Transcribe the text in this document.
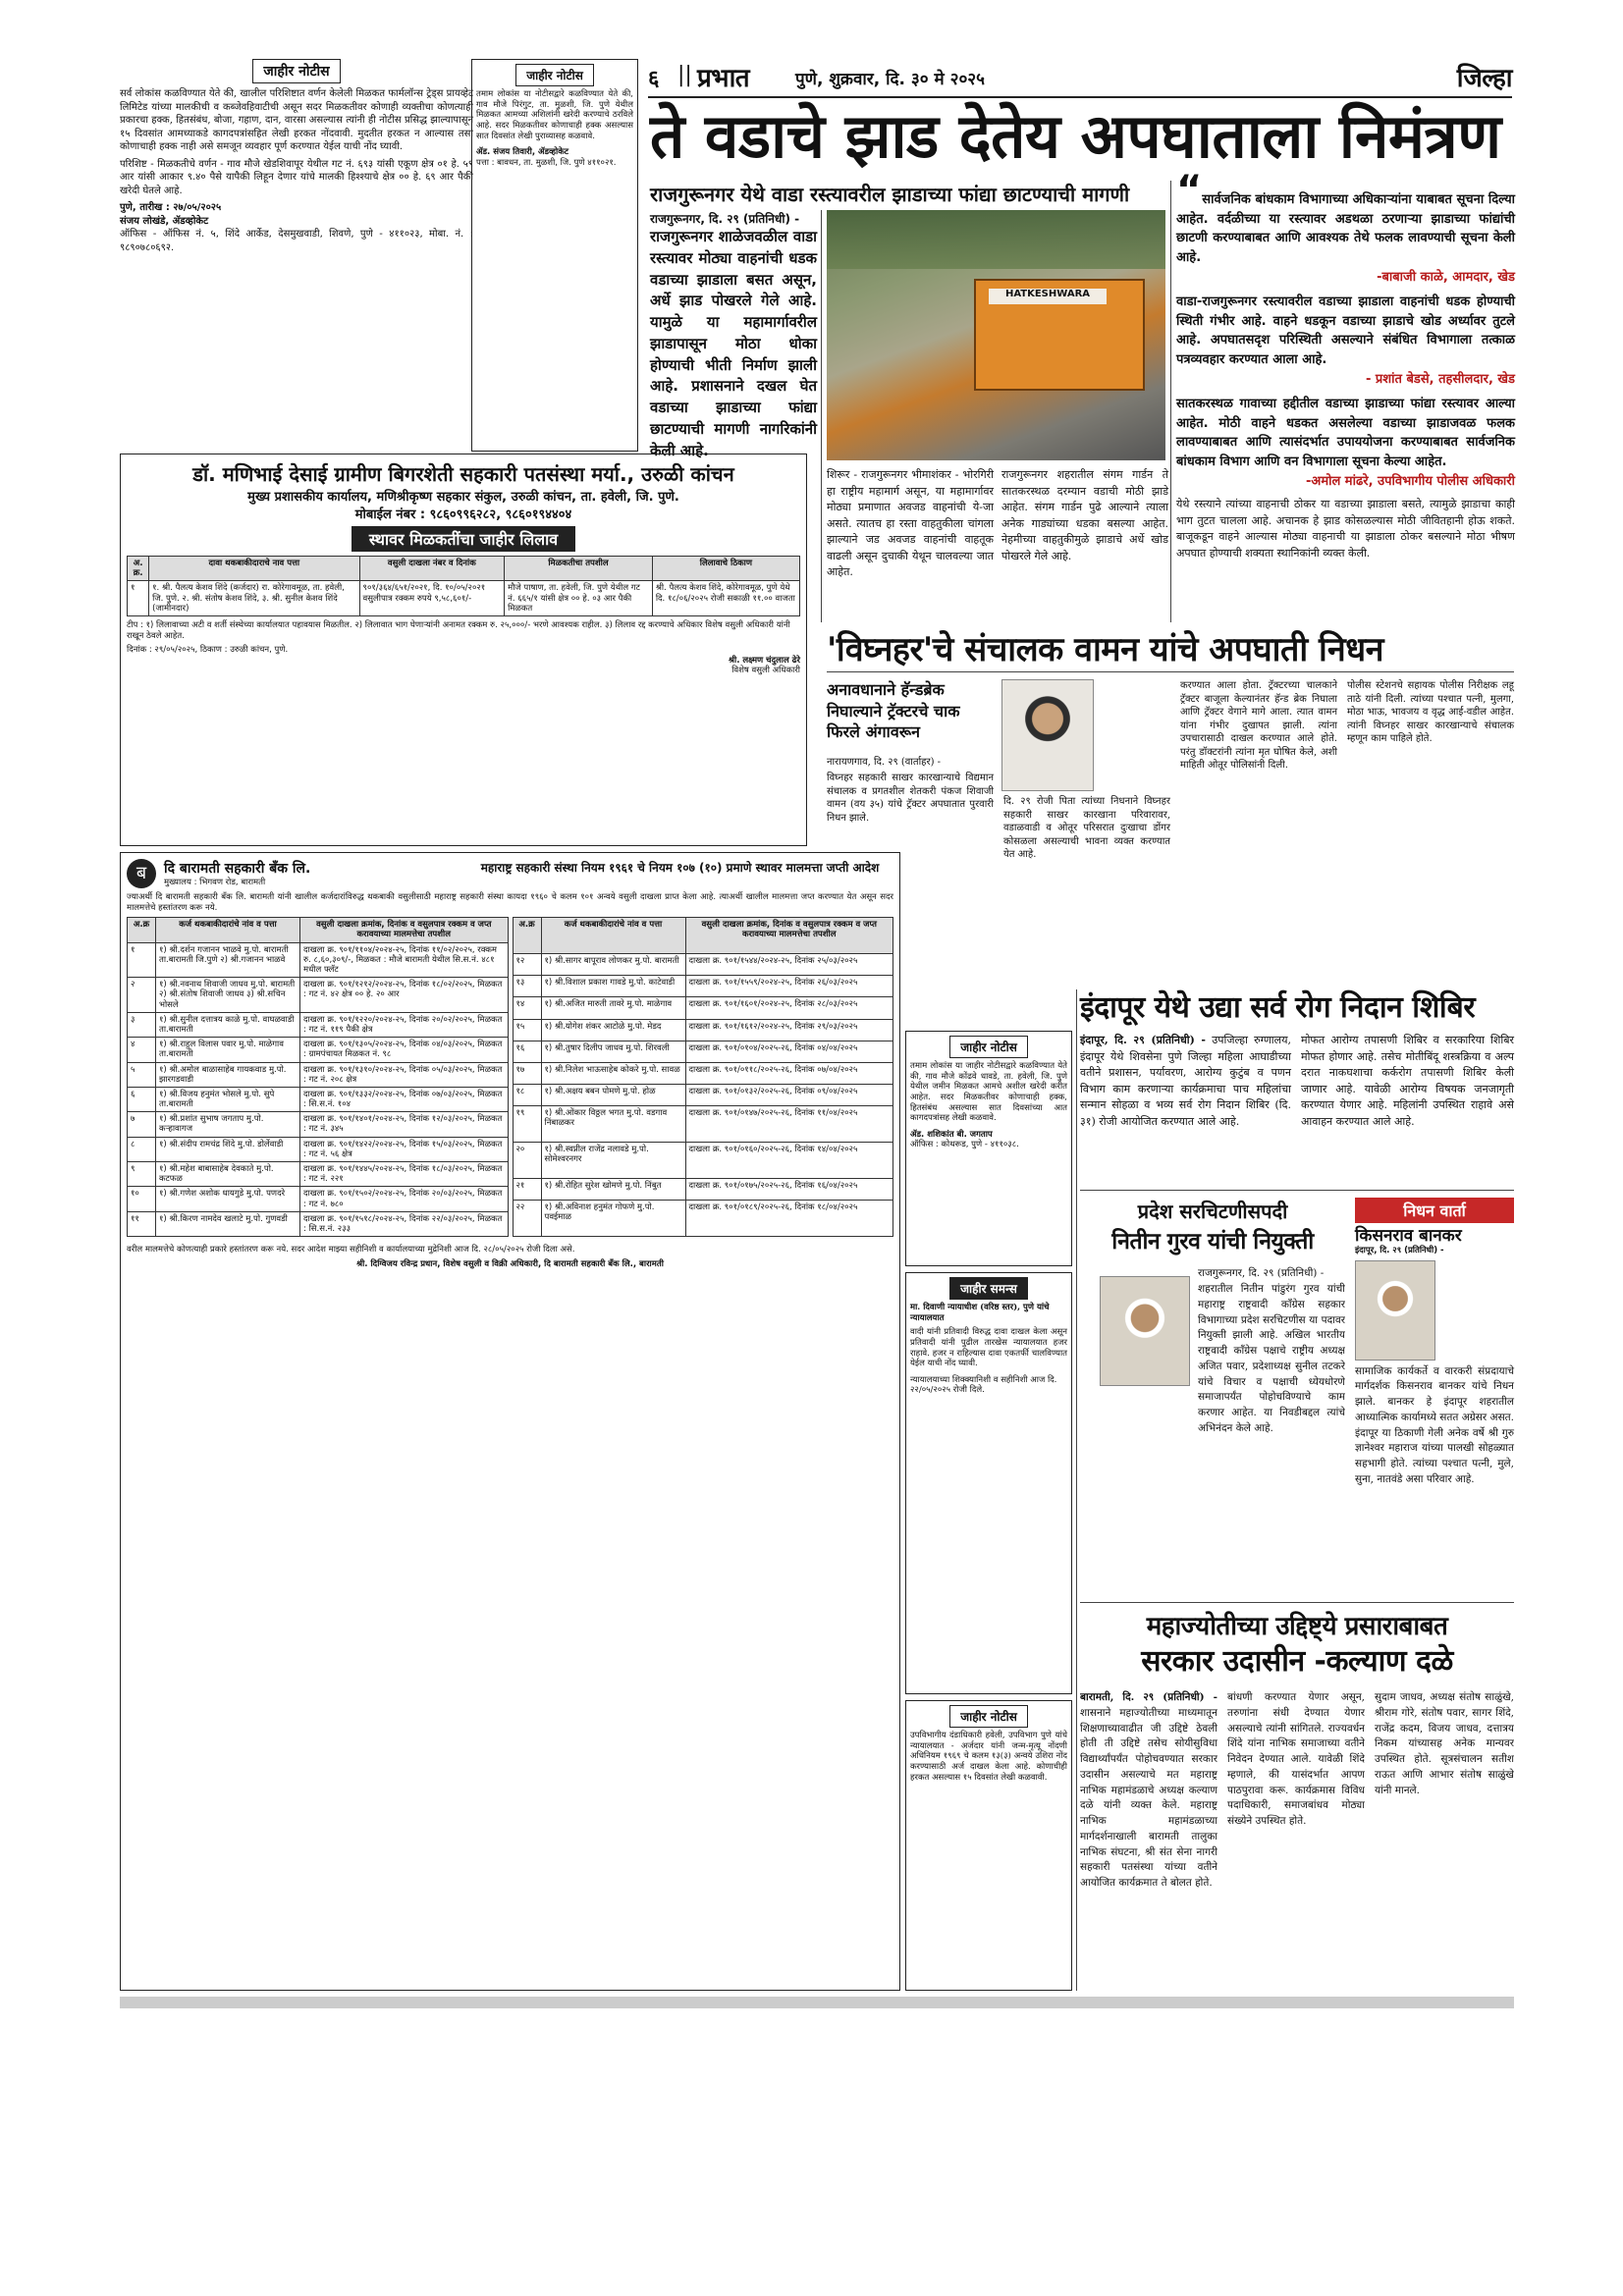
जाहीर नोटीस
सर्व लोकांस कळविण्यात येते की, खालील परिशिष्टात वर्णन केलेली मिळकत फार्मलॉन्स ट्रेड्स प्रायव्हेट लिमिटेड यांच्या मालकीची व कब्जेवहिवाटीची असून सदर मिळकतीवर कोणाही व्यक्तीचा कोणत्याही प्रकारचा हक्क, हितसंबंध, बोजा, गहाण, दान, वारसा असल्यास त्यांनी ही नोटीस प्रसिद्ध झाल्यापासून १५ दिवसांत आमच्याकडे कागदपत्रांसहित लेखी हरकत नोंदवावी. मुदतीत हरकत न आल्यास तसा कोणाचाही हक्क नाही असे समजून व्यवहार पूर्ण करण्यात येईल याची नोंद घ्यावी.
परिशिष्ट - मिळकतीचे वर्णन - गाव मौजे खेडशिवापूर येथील गट नं. ६९३ यांसी एकूण क्षेत्र ०१ हे. ५९ आर यांसी आकार ९.४० पैसे यापैकी लिहून देणार यांचे मालकी हिश्श्याचे क्षेत्र ०० हे. ६९ आर पैकी खरेदी घेतले आहे.
पुणे, तारीख : २७/०५/२०२५
संजय लोखंडे, ॲडव्होकेट
ऑफिस - ऑफिस नं. ५, शिंदे आर्केड, देसमुखवाडी, शिवणे, पुणे - ४११०२३, मोबा. नं. : ९८९०७८०६९२.
जाहीर नोटीस
तमाम लोकांस या नोटीसद्वारे कळविण्यात येते की, गाव मौजे पिरंगुट, ता. मुळशी, जि. पुणे येथील मिळकत आमच्या अशिलांनी खरेदी करण्याचे ठरविले आहे. सदर मिळकतीवर कोणाचाही हक्क असल्यास सात दिवसांत लेखी पुराव्यासह कळवावे.
ॲड. संजय तिवारी, ॲडव्होकेट
पत्ता : बावधन, ता. मुळशी, जि. पुणे ४११०२१.
६ || प्रभात	पुणे, शुक्रवार, दि. ३० मे २०२५	जिल्हा
ते वडाचे झाड देतेय अपघाताला निमंत्रण
राजगुरूनगर येथे वाडा रस्त्यावरील झाडाच्या फांद्या छाटण्याची मागणी
राजगुरूनगर, दि. २९ (प्रतिनिधी) -
राजगुरूनगर शाळेजवळील वाडा रस्त्यावर मोठ्या वाहनांची धडक वडाच्या झाडाला बसत असून, अर्धे झाड पोखरले गेले आहे. यामुळे या महामार्गावरील झाडापासून मोठा धोका होण्याची भीती निर्माण झाली आहे. प्रशासनाने दखल घेत वडाच्या झाडाच्या फांद्या छाटण्याची मागणी नागरिकांनी केली आहे.
HATKESHWARA
शिरूर - राजगुरूनगर भीमाशंकर - भोरगिरी हा राष्ट्रीय महामार्ग असून, या महामार्गावर मोठ्या प्रमाणात अवजड वाहनांची ये-जा असते. त्यातच हा रस्ता वाहतुकीला चांगला झाल्याने जड अवजड वाहनांची वाहतूक वाढली असून दुचाकी येथून चालवल्या जात आहेत.
राजगुरूनगर शहरातील संगम गार्डन ते सातकरस्थळ दरम्यान वडाची मोठी झाडे आहेत. संगम गार्डन पुढे आल्याने त्याला अनेक गाड्यांच्या धडका बसल्या आहेत. नेहमीच्या वाहतुकीमुळे झाडाचे अर्धे खोड पोखरले गेले आहे.
“सार्वजनिक बांधकाम विभागाच्या अधिकाऱ्यांना याबाबत सूचना दिल्या आहेत. वर्दळीच्या या रस्त्यावर अडथळा ठरणाऱ्या झाडाच्या फांद्यांची छाटणी करण्याबाबत आणि आवश्यक तेथे फलक लावण्याची सूचना केली आहे.
-बाबाजी काळे, आमदार, खेड
वाडा-राजगुरूनगर रस्त्यावरील वडाच्या झाडाला वाहनांची धडक होण्याची स्थिती गंभीर आहे. वाहने धडकून वडाच्या झाडाचे खोड अर्ध्यावर तुटले आहे. अपघातसदृश परिस्थिती असल्याने संबंधित विभागाला तत्काळ पत्रव्यवहार करण्यात आला आहे.
- प्रशांत बेडसे, तहसीलदार, खेड
सातकरस्थळ गावाच्या हद्दीतील वडाच्या झाडाच्या फांद्या रस्त्यावर आल्या आहेत. मोठी वाहने धडकत असलेल्या वडाच्या झाडाजवळ फलक लावण्याबाबत आणि त्यासंदर्भात उपाययोजना करण्याबाबत सार्वजनिक बांधकाम विभाग आणि वन विभागाला सूचना केल्या आहेत.
-अमोल मांढरे, उपविभागीय पोलीस अधिकारी
येथे रस्त्याने त्यांच्या वाहनाची ठोकर या वडाच्या झाडाला बसते, त्यामुळे झाडाचा काही भाग तुटत चालला आहे. अचानक हे झाड कोसळल्यास मोठी जीवितहानी होऊ शकते. बाजूकडून वाहने आल्यास मोठ्या वाहनाची या झाडाला ठोकर बसल्याने मोठा भीषण अपघात होण्याची शक्यता स्थानिकांनी व्यक्त केली.
डॉ. मणिभाई देसाई ग्रामीण बिगरशेती सहकारी पतसंस्था मर्या., उरुळी कांचन
मुख्य प्रशासकीय कार्यालय, मणिश्रीकृष्ण सहकार संकुल, उरुळी कांचन, ता. हवेली, जि. पुणे.
मोबाईल नंबर : ९८६०९९६२८२, ९८६०१९४४०४
स्थावर मिळकतींचा जाहीर लिलाव
अ. क्र.	दावा थकबाकीदाराचे नाव पत्ता	वसुली दाखला नंबर व दिनांक	मिळकतीचा तपशील	लिलावाचे ठिकाण
१	१. श्री. पैलत्य केशव शिंदे (कर्जदार) रा. कोरेगावमूळ, ता. हवेली, जि. पुणे. २. श्री. संतोष केशव शिंदे, ३. श्री. सुनील केशव शिंदे (जामीनदार)	९०१/३६४/६५१/२०२१, दि. १०/०५/२०२१ वसुलीपात्र रक्कम रुपये ९,५८,६०१/-	मौजे पाषाण, ता. हवेली, जि. पुणे येथील गट नं. ६६५/१ यांसी क्षेत्र ०० हे. ०३ आर पैकी मिळकत	श्री. पैलत्य केशव शिंदे, कोरेगावमूळ, पुणे येथे दि. १८/०६/२०२५ रोजी सकाळी ११.०० वाजता
टीप : १) लिलावाच्या अटी व शर्ती संस्थेच्या कार्यालयात पहावयास मिळतील. २) लिलावात भाग घेणाऱ्यांनी अनामत रक्कम रु. २५,०००/- भरणे आवश्यक राहील. ३) लिलाव रद्द करण्याचे अधिकार विशेष वसुली अधिकारी यांनी राखून ठेवले आहेत.
दिनांक : २९/०५/२०२५, ठिकाण : उरुळी कांचन, पुणे.
श्री. लक्ष्मण चंदुलाल ढेरे
विशेष वसुली अधिकारी
'विघ्नहर'चे संचालक वामन यांचे अपघाती निधन
अनावधानाने हॅन्डब्रेक निघाल्याने ट्रॅक्टरचे चाक फिरले अंगावरून
नारायणगाव, दि. २९ (वार्ताहर) -
विघ्नहर सहकारी साखर कारखान्याचे विद्यमान संचालक व प्रगतशील शेतकरी पंकज शिवाजी वामन (वय ३५) यांचे ट्रॅक्टर अपघातात पुरवारी निधन झाले.
दि. २९ रोजी पिता त्यांच्या निधनाने विघ्नहर सहकारी साखर कारखाना परिवारावर, वडाळवाडी व ओतूर परिसरात दुःखाचा डोंगर कोसळला असल्याची भावना व्यक्त करण्यात येत आहे.
करण्यात आला होता. ट्रॅक्टरच्या चालकाने ट्रॅक्टर बाजूला केल्यानंतर हॅन्ड ब्रेक निघाला आणि ट्रॅक्टर वेगाने मागे आला. त्यात वामन यांना गंभीर दुखापत झाली. त्यांना उपचारासाठी दाखल करण्यात आले होते. परंतु डॉक्टरांनी त्यांना मृत घोषित केले, अशी माहिती ओतूर पोलिसांनी दिली.
पोलीस स्टेशनचे सहायक पोलीस निरीक्षक लहू ताठे यांनी दिली. त्यांच्या पश्चात पत्नी, मुलगा, मोठा भाऊ, भावजय व वृद्ध आई-वडील आहेत. त्यांनी विघ्नहर साखर कारखान्याचे संचालक म्हणून काम पाहिले होते.
ब	दि बारामती सहकारी बँक लि.
मुख्यालय : भिगवण रोड, बारामती
महाराष्ट्र सहकारी संस्था नियम १९६१ चे नियम १०७ (१०) प्रमाणे स्थावर मालमत्ता जप्ती आदेश
ज्याअर्थी दि बारामती सहकारी बँक लि. बारामती यांनी खालील कर्जदारांविरुद्ध थकबाकी वसुलीसाठी महाराष्ट्र सहकारी संस्था कायदा १९६० चे कलम १०१ अन्वये वसुली दाखला प्राप्त केला आहे. त्याअर्थी खालील मालमत्ता जप्त करण्यात येत असून सदर मालमत्तेचे हस्तांतरण करू नये.
अ.क्र	कर्ज थकबाकीदारांचे नांव व पत्ता	वसुली दाखला क्रमांक, दिनांक व वसुलपात्र रक्कम व जप्त करावयाच्या मालमत्तेचा तपशील
१	१) श्री.दर्शन गजानन भाळवे मु.पो. बारामती ता.बारामती जि.पुणे २) श्री.गजानन भाळवे	दाखला क्र. ९०१/११०४/२०२४-२५, दिनांक ११/०२/२०२५, रक्कम रु. ८,६०,३०९/-, मिळकत : मौजे बारामती येथील सि.स.नं. ४८१ मधील फ्लॅट
२	१) श्री.नवनाथ शिवाजी जाधव मु.पो. बारामती २) श्री.संतोष शिवाजी जाधव ३) श्री.सचिन भोसले	दाखला क्र. ९०१/१२१२/२०२४-२५, दिनांक १८/०२/२०२५, मिळकत : गट नं. ४२ क्षेत्र ०० हे. २० आर
३	१) श्री.सुनील दत्तात्रय काळे मु.पो. वाघळवाडी ता.बारामती	दाखला क्र. ९०१/१२२०/२०२४-२५, दिनांक २०/०२/२०२५, मिळकत : गट नं. ११९ पैकी क्षेत्र
४	१) श्री.राहुल विलास पवार मु.पो. माळेगाव ता.बारामती	दाखला क्र. ९०१/१३०५/२०२४-२५, दिनांक ०४/०३/२०२५, मिळकत : ग्रामपंचायत मिळकत नं. ९८
५	१) श्री.अमोल बाळासाहेब गायकवाड मु.पो. झारगडवाडी	दाखला क्र. ९०१/१३१०/२०२४-२५, दिनांक ०५/०३/२०२५, मिळकत : गट नं. २०८ क्षेत्र
६	१) श्री.विजय हनुमंत भोसले मु.पो. सुपे ता.बारामती	दाखला क्र. ९०१/१३३२/२०२४-२५, दिनांक ०७/०३/२०२५, मिळकत : सि.स.नं. १०४
७	१) श्री.प्रशांत सुभाष जगताप मु.पो. कऱ्हावागज	दाखला क्र. ९०१/१४०१/२०२४-२५, दिनांक १२/०३/२०२५, मिळकत : गट नं. ३४५
८	१) श्री.संदीप रामचंद्र शिंदे मु.पो. डोर्लेवाडी	दाखला क्र. ९०१/१४२२/२०२४-२५, दिनांक १५/०३/२०२५, मिळकत : गट नं. ५६ क्षेत्र
९	१) श्री.महेश बाबासाहेब देवकाते मु.पो. कटफळ	दाखला क्र. ९०१/१४४५/२०२४-२५, दिनांक १८/०३/२०२५, मिळकत : गट नं. २२१
१०	१) श्री.गणेश अशोक धायगुडे मु.पो. पणदरे	दाखला क्र. ९०१/१५०२/२०२४-२५, दिनांक २०/०३/२०२५, मिळकत : गट नं. ७८०
११	१) श्री.किरण नामदेव खलाटे मु.पो. गुणवडी	दाखला क्र. ९०१/१५१८/२०२४-२५, दिनांक २२/०३/२०२५, मिळकत : सि.स.नं. २३३
अ.क्र	कर्ज थकबाकीदारांचे नांव व पत्ता	वसुली दाखला क्रमांक, दिनांक व वसुलपात्र रक्कम व जप्त करावयाच्या मालमत्तेचा तपशील
१२	१) श्री.सागर बापूराव लोणकर मु.पो. बारामती	दाखला क्र. ९०१/१५४४/२०२४-२५, दिनांक २५/०३/२०२५
१३	१) श्री.विशाल प्रकाश गावडे मु.पो. काटेवाडी	दाखला क्र. ९०१/१५५९/२०२४-२५, दिनांक २६/०३/२०२५
१४	१) श्री.अजित मारुती तावरे मु.पो. माळेगाव	दाखला क्र. ९०१/१६०१/२०२४-२५, दिनांक २८/०३/२०२५
१५	१) श्री.योगेश शंकर आटोळे मु.पो. मेडद	दाखला क्र. ९०१/१६१२/२०२४-२५, दिनांक २९/०३/२०२५
१६	१) श्री.तुषार दिलीप जाधव मु.पो. शिरवली	दाखला क्र. ९०१/०१०४/२०२५-२६, दिनांक ०४/०४/२०२५
१७	१) श्री.निलेश भाऊसाहेब कोकरे मु.पो. सावळ	दाखला क्र. ९०१/०११८/२०२५-२६, दिनांक ०७/०४/२०२५
१८	१) श्री.अक्षय बबन पोमणे मु.पो. होळ	दाखला क्र. ९०१/०१३२/२०२५-२६, दिनांक ०९/०४/२०२५
१९	१) श्री.ओंकार विठ्ठल भगत मु.पो. वडगाव निंबाळकर	दाखला क्र. ९०१/०१४७/२०२५-२६, दिनांक ११/०४/२०२५
२०	१) श्री.स्वप्नील राजेंद्र नलावडे मु.पो. सोमेश्वरनगर	दाखला क्र. ९०१/०१६०/२०२५-२६, दिनांक १४/०४/२०२५
२१	१) श्री.रोहित सुरेश खोमणे मु.पो. निंबुत	दाखला क्र. ९०१/०१७५/२०२५-२६, दिनांक १६/०४/२०२५
२२	१) श्री.अविनाश हनुमंत गोफणे मु.पो. पवईमाळ	दाखला क्र. ९०१/०१८९/२०२५-२६, दिनांक १८/०४/२०२५
वरील मालमत्तेचे कोणत्याही प्रकारे हस्तांतरण करू नये. सदर आदेश माझ्या सहीनिशी व कार्यालयाच्या मुद्रेनिशी आज दि. २८/०५/२०२५ रोजी दिला असे.
श्री. दिग्विजय रविन्द्र प्रधान, विशेष वसुली व विक्री अधिकारी, दि बारामती सहकारी बँक लि., बारामती
जाहीर नोटीस
तमाम लोकांस या जाहीर नोटीसद्वारे कळविण्यात येते की, गाव मौजे कोंढवे धावडे, ता. हवेली, जि. पुणे येथील जमीन मिळकत आमचे अशील खरेदी करीत आहेत. सदर मिळकतीवर कोणाचाही हक्क, हितसंबंध असल्यास सात दिवसांच्या आत कागदपत्रांसह लेखी कळवावे.
ॲड. शशिकांत बी. जगताप
ऑफिस : कोथरूड, पुणे - ४११०३८.
जाहीर समन्स
मा. दिवाणी न्यायाधीश (वरिष्ठ स्तर), पुणे यांचे न्यायालयात
वादी यांनी प्रतिवादी विरुद्ध दावा दाखल केला असून प्रतिवादी यांनी पुढील तारखेस न्यायालयात हजर राहावे. हजर न राहिल्यास दावा एकतर्फी चालविण्यात येईल याची नोंद घ्यावी.
न्यायालयाच्या शिक्क्यानिशी व सहीनिशी आज दि. २२/०५/२०२५ रोजी दिले.
जाहीर नोटीस
उपविभागीय दंडाधिकारी हवेली, उपविभाग पुणे यांचे न्यायालयात - अर्जदार यांनी जन्म-मृत्यू नोंदणी अधिनियम १९६९ चे कलम १३(३) अन्वये उशिरा नोंद करण्यासाठी अर्ज दाखल केला आहे. कोणाचीही हरकत असल्यास १५ दिवसांत लेखी कळवावी.
इंदापूर येथे उद्या सर्व रोग निदान शिबिर
इंदापूर, दि. २९ (प्रतिनिधी) - उपजिल्हा रुग्णालय, इंदापूर येथे शिवसेना पुणे जिल्हा महिला आघाडीच्या वतीने प्रशासन, पर्यावरण, आरोग्य कुटुंब व पणन विभाग काम करणाऱ्या कार्यक्रमाचा पाच महिलांचा सन्मान सोहळा व भव्य सर्व रोग निदान शिबिर (दि. ३१) रोजी आयोजित करण्यात आले आहे.
मोफत आरोग्य तपासणी शिबिर व सरकारिया शिबिर मोफत होणार आहे. तसेच मोतीबिंदू शस्त्रक्रिया व अल्प दरात नाकघशाचा कर्करोग तपासणी शिबिर केली जाणार आहे. यावेळी आरोग्य विषयक जनजागृती करण्यात येणार आहे. महिलांनी उपस्थित राहावे असे आवाहन करण्यात आले आहे.
प्रदेश सरचिटणीसपदी
नितीन गुरव यांची नियुक्ती
राजगुरूनगर, दि. २९ (प्रतिनिधी) -
शहरातील नितीन पांडुरंग गुरव यांची महाराष्ट्र राष्ट्रवादी काँग्रेस सहकार विभागाच्या प्रदेश सरचिटणीस या पदावर नियुक्ती झाली आहे. अखिल भारतीय राष्ट्रवादी काँग्रेस पक्षाचे राष्ट्रीय अध्यक्ष अजित पवार, प्रदेशाध्यक्ष सुनील तटकरे यांचे विचार व पक्षाची ध्येयधोरणे समाजापर्यंत पोहोचविण्याचे काम करणार आहेत. या निवडीबद्दल त्यांचे अभिनंदन केले आहे.
निधन वार्ता
किसनराव बानकर
इंदापूर, दि. २९ (प्रतिनिधी) -
सामाजिक कार्यकर्ते व वारकरी संप्रदायाचे मार्गदर्शक किसनराव बानकर यांचे निधन झाले. बानकर हे इंदापूर शहरातील आध्यात्मिक कार्यामध्ये सतत अग्रेसर असत. इंदापूर या ठिकाणी गेली अनेक वर्षे श्री गुरु ज्ञानेश्वर महाराज यांच्या पालखी सोहळ्यात सहभागी होते. त्यांच्या पश्चात पत्नी, मुले, सुना, नातवंडे असा परिवार आहे.
महाज्योतीच्या उद्दिष्ट्ये प्रसाराबाबत
सरकार उदासीन -कल्याण दळे
बारामती, दि. २९ (प्रतिनिधी) - शासनाने महाज्योतीच्या माध्यमातून शिक्षणाच्यावाढीत जी उद्दिष्टे ठेवली होती ती उद्दिष्टे तसेच सोयीसुविधा विद्यार्थ्यांपर्यंत पोहोचवण्यात सरकार उदासीन असल्याचे मत महाराष्ट्र नाभिक महामंडळाचे अध्यक्ष कल्याण दळे यांनी व्यक्त केले. महाराष्ट्र नाभिक महामंडळाच्या मार्गदर्शनाखाली बारामती तालुका नाभिक संघटना, श्री संत सेना नागरी सहकारी पतसंस्था यांच्या वतीने आयोजित कार्यक्रमात ते बोलत होते.
बांधणी करण्यात येणार असून, तरुणांना संधी देण्यात येणार असल्याचे त्यांनी सांगितले. राज्यवर्धन शिंदे यांना नाभिक समाजाच्या वतीने निवेदन देण्यात आले. यावेळी शिंदे म्हणाले, की यासंदर्भात आपण पाठपुरावा करू. कार्यक्रमास विविध पदाधिकारी, समाजबांधव मोठ्या संख्येने उपस्थित होते.
सुदाम जाधव, अध्यक्ष संतोष साळुंखे, श्रीराम गोरे, संतोष पवार, सागर शिंदे, राजेंद्र कदम, विजय जाधव, दत्तात्रय निकम यांच्यासह अनेक मान्यवर उपस्थित होते. सूत्रसंचालन सतीश राऊत आणि आभार संतोष साळुंखे यांनी मानले.
